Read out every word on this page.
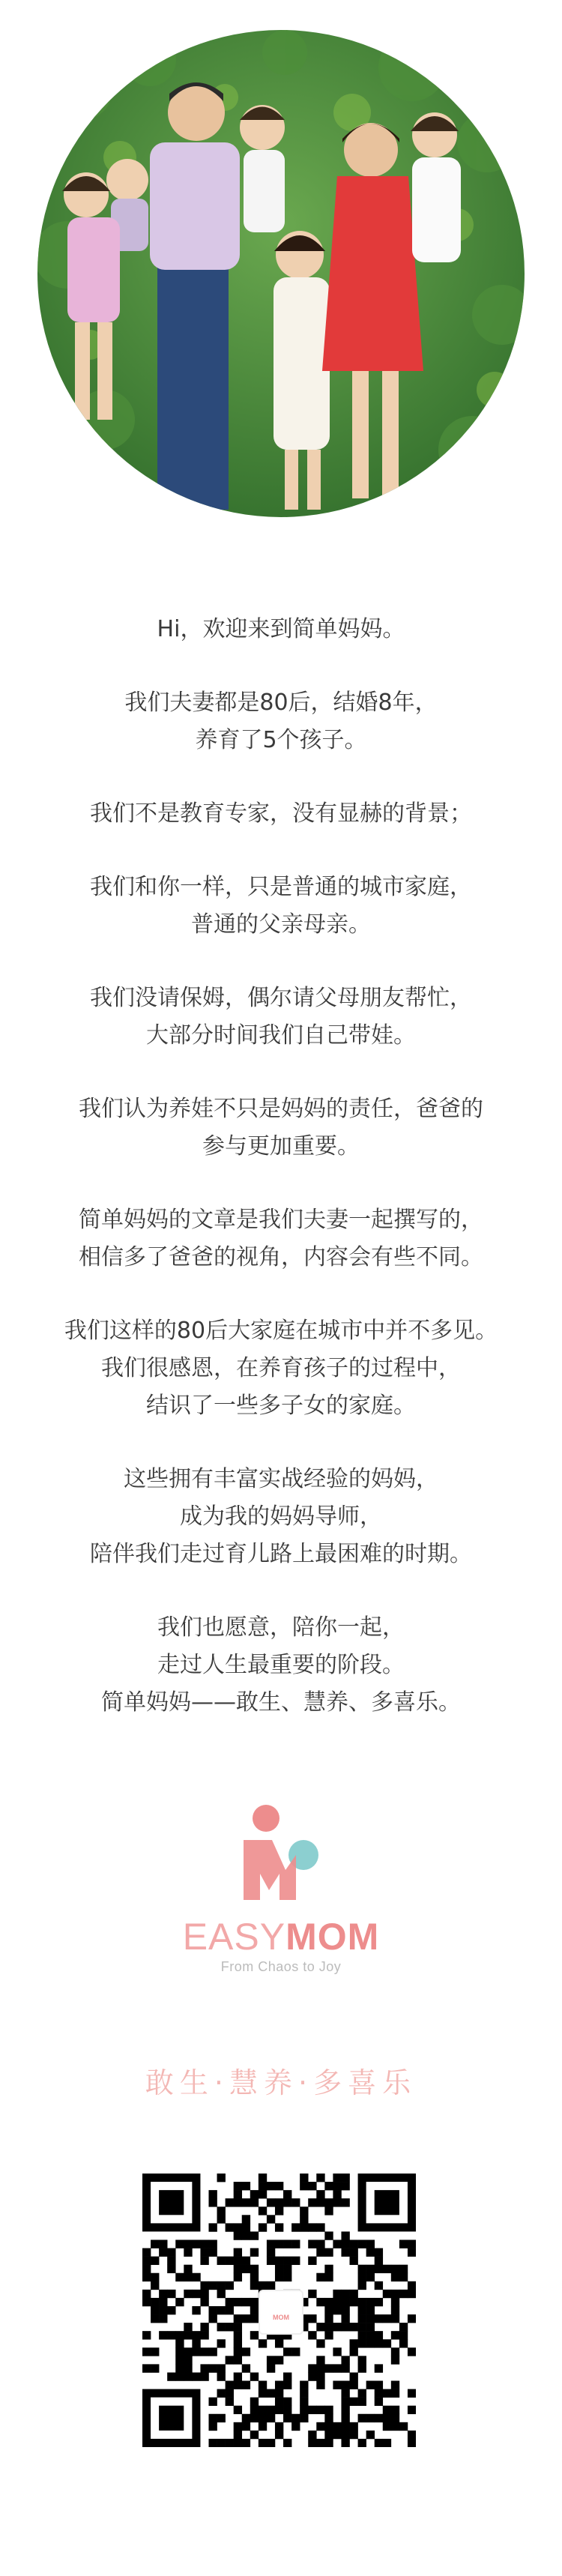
Hi，欢迎来到简单妈妈。

我们夫妻都是80后，结婚8年，
养育了5个孩子。

我们不是教育专家，没有显赫的背景；

我们和你一样，只是普通的城市家庭，
普通的父亲母亲。

我们没请保姆，偶尔请父母朋友帮忙，
大部分时间我们自己带娃。

我们认为养娃不只是妈妈的责任，爸爸的
参与更加重要。

简单妈妈的文章是我们夫妻一起撰写的，
相信多了爸爸的视角，内容会有些不同。

我们这样的80后大家庭在城市中并不多见。
我们很感恩，在养育孩子的过程中，
结识了一些多子女的家庭。

这些拥有丰富实战经验的妈妈，
成为我的妈妈导师，
陪伴我们走过育儿路上最困难的时期。

我们也愿意，陪你一起，
走过人生最重要的阶段。
简单妈妈——敢生、慧养、多喜乐。

EASYMOM
From Chaos to Joy
敢生·慧养·多喜乐
MOM
